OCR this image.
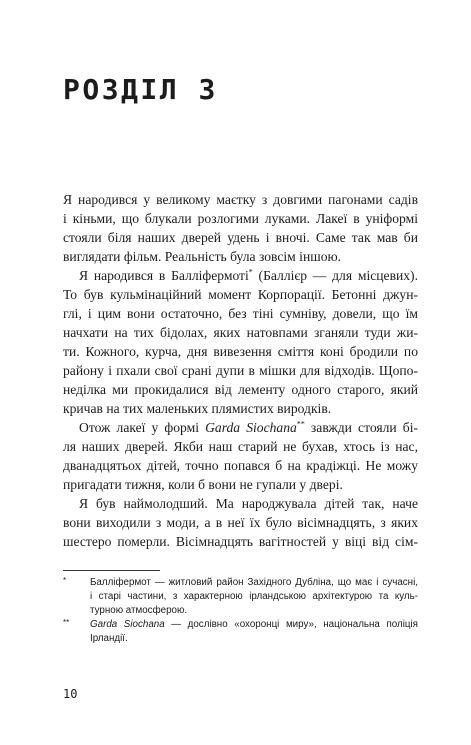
РОЗДІЛ 3
Я народився у великому маєтку з довгими пагонами садів
і кіньми, що блукали розлогими луками. Лакеї в уніформі
стояли біля наших дверей удень і вночі. Саме так мав би
виглядати фільм. Реальність була зовсім іншою.
Я народився в Баллiфермоті* (Баллiєр — для місцевих).
То був кульмінаційний момент Корпорації. Бетонні джун-
глі, і цим вони остаточно, без тіні сумніву, довели, що їм
начхати на тих бідолах, яких натовпами зганяли туди жи-
ти. Кожного, курча, дня вивезення сміття коні бродили по
району і пхали свої срані дупи в мішки для відходів. Щопо-
неділка ми прокидалися від лементу одного старого, який
кричав на тих маленьких плямистих виродків.
Отож лакеї у формі Garda Siochana** завжди стояли бі-
ля наших дверей. Якби наш старий не бухав, хтось із нас,
дванадцятьох дітей, точно попався б на крадіжці. Не можу
пригадати тижня, коли б вони не гупали у двері.
Я був наймолодший. Ма народжувала дітей так, наче
вони виходили з моди, а в неї їх було вісімнадцять, з яких
шестеро померли. Вісімнадцять вагітностей у віці від сім-
* Баллiфермот — житловий район Західного Дубліна, що має і сучасні,
і старі частини, з характерною ірландською архітектурою та куль-
турною атмосферою.
** Garda Siochana — дослівно «охоронці миру», національна поліція
Ірландії.
10
